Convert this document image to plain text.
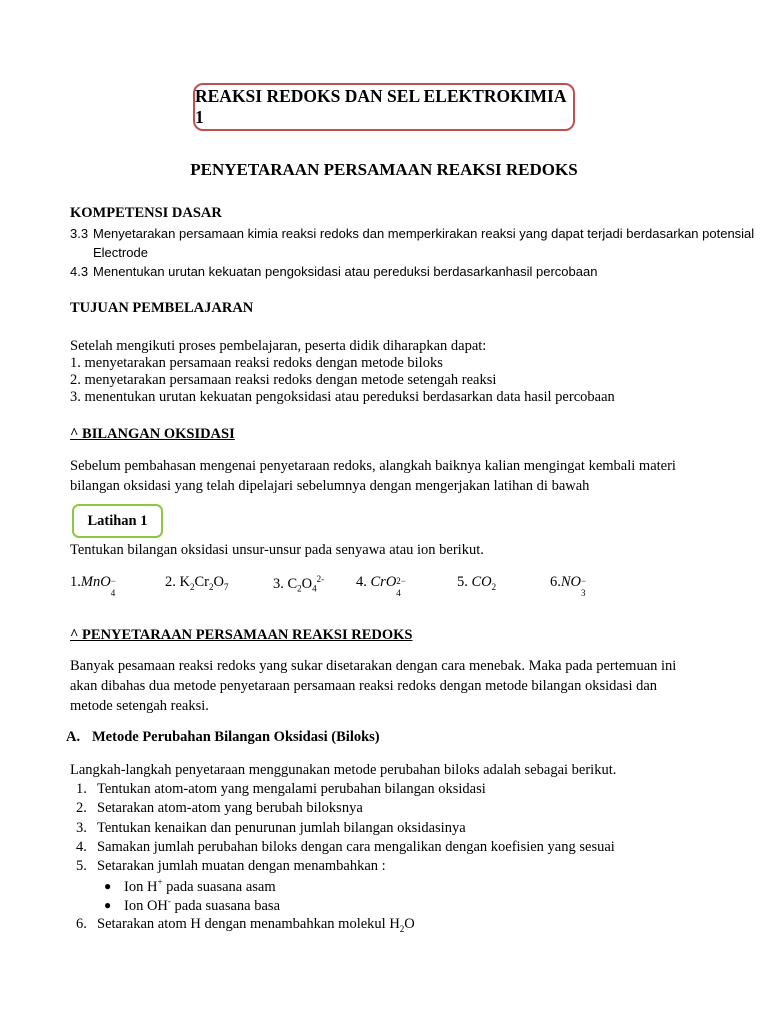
REAKSI REDOKS DAN SEL ELEKTROKIMIA 1
PENYETARAAN PERSAMAAN REAKSI REDOKS
KOMPETENSI DASAR
3.3 Menyetarakan persamaan kimia reaksi redoks dan memperkirakan reaksi yang dapat terjadi berdasarkan potensial
Electrode
4.3 Menentukan urutan kekuatan pengoksidasi atau pereduksi berdasarkanhasil percobaan
TUJUAN PEMBELAJARAN
Setelah mengikuti proses pembelajaran, peserta didik diharapkan dapat:
1. menyetarakan persamaan reaksi redoks dengan metode biloks
2. menyetarakan persamaan reaksi redoks dengan metode setengah reaksi
3. menentukan urutan kekuatan pengoksidasi atau pereduksi berdasarkan data hasil percobaan
^ BILANGAN OKSIDASI
Sebelum pembahasan mengenai penyetaraan redoks, alangkah baiknya kalian mengingat kembali materi
bilangan oksidasi yang telah dipelajari sebelumnya dengan mengerjakan latihan di bawah
Latihan 1
Tentukan bilangan oksidasi unsur-unsur pada senyawa atau ion berikut.
1.MnO −
4
2. $K_2Cr_2O_7$	3. $C_2O_4^{2-}$ 4. CrO 2−
4
5. $CO_2$	6.NO −
3
^ PENYETARAAN PERSAMAAN REAKSI REDOKS
Banyak pesamaan reaksi redoks yang sukar disetarakan dengan cara menebak. Maka pada pertemuan ini
akan dibahas dua metode penyetaraan persamaan reaksi redoks dengan metode bilangan oksidasi dan
metode setengah reaksi.
A. Metode Perubahan Bilangan Oksidasi (Biloks)
Langkah-langkah penyetaraan menggunakan metode perubahan biloks adalah sebagai berikut.
1. Tentukan atom-atom yang mengalami perubahan bilangan oksidasi
2. Setarakan atom-atom yang berubah biloksnya
3. Tentukan kenaikan dan penurunan jumlah bilangan oksidasinya
4. Samakan jumlah perubahan biloks dengan cara mengalikan dengan koefisien yang sesuai
5. Setarakan jumlah muatan dengan menambahkan :
● Ion H+ pada suasana asam
● Ion OH- pada suasana basa
6. Setarakan atom H dengan menambahkan molekul $H_2O$
